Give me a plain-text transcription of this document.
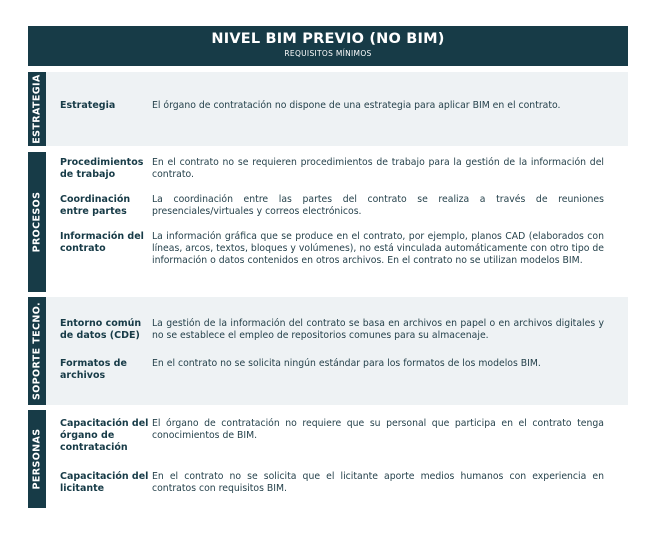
NIVEL BIM PREVIO (NO BIM)
REQUISITOS MÍNIMOS
ESTRATEGIA Estrategia	El órgano de contratación no dispone de una estrategia para aplicar BIM en el contrato.
PROCESOS
Procedimientos de trabajo
En el contrato no se requieren procedimientos de trabajo para la gestión de la información del contrato.
Coordinación entre partes
La coordinación entre las partes del contrato se realiza a través de reuniones presenciales/virtuales y correos electrónicos.
Información del contrato
La información gráfica que se produce en el contrato, por ejemplo, planos CAD (elaborados con líneas, arcos, textos, bloques y volúmenes), no está vinculada automáticamente con otro tipo de información o datos contenidos en otros archivos. En el contrato no se utilizan modelos BIM.
SOPORTE TECNO. Entorno común de datos (CDE)
La gestión de la información del contrato se basa en archivos en papel o en archivos digitales y no se establece el empleo de repositorios comunes para su almacenaje.
Formatos de archivos
En el contrato no se solicita ningún estándar para los formatos de los modelos BIM.
PERSONAS
Capacitación del órgano de contratación
El órgano de contratación no requiere que su personal que participa en el contrato tenga conocimientos de BIM.
Capacitación del licitante
En el contrato no se solicita que el licitante aporte medios humanos con experiencia en contratos con requisitos BIM.
